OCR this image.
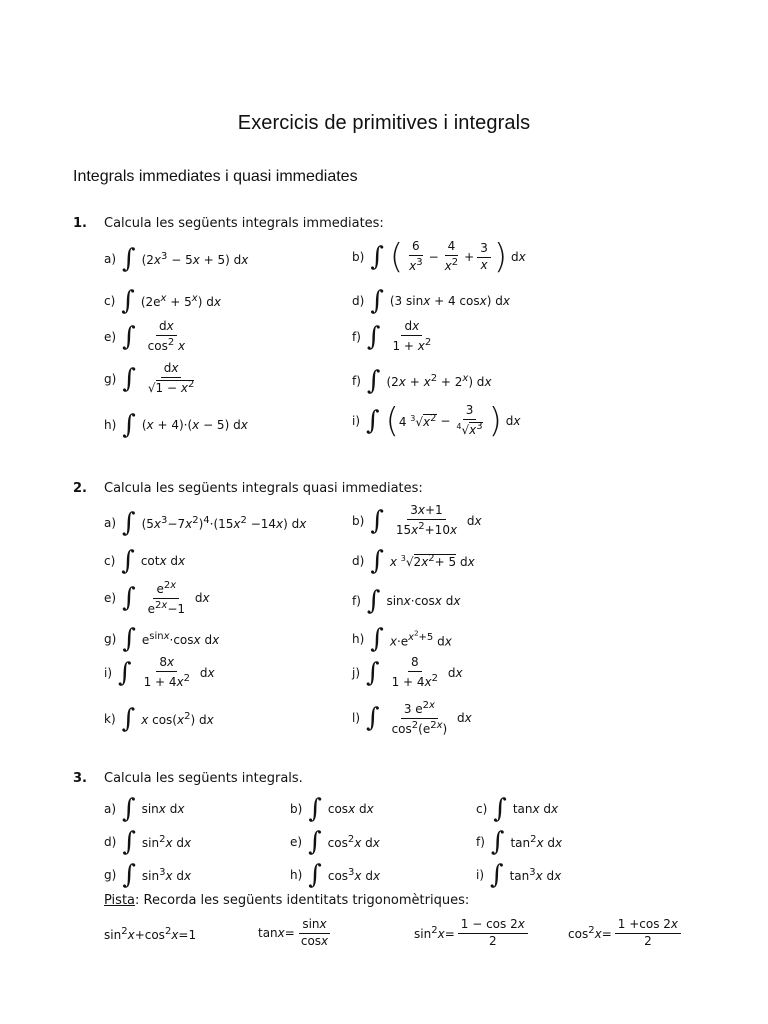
Exercicis de primitives i integrals
Integrals immediates i quasi immediates
1. Calcula les següents integrals immediates:
a) ∫ $(2x^3 - 5x + 5)$ dx	b) ∫ ( $\frac{6}{x^3} - \frac{4}{x^2} + \frac{3}{x}$ ) d x
c) ∫ $(2e^x + 5^x)$ dx	d) ∫ (3 sinx + 4 cosx) dx
e) ∫ $\frac{dx}{\cos^2 x}$	f) ∫ $\frac{dx}{1 + x^2}$
g) ∫ $\frac{dx}{√1 - x^2}$	f) ∫ $(2x + x^2 + 2^x)$ dx
h) ∫ (x + 4)·(x − 5) dx	i) ∫ ( 4 $^3√x^2 - \frac{3}{^4√x^3}$ ) d x
2. Calcula les següents integrals quasi immediates:
a) ∫ $(5x^3-7x^2)^4\cdot(15x^2 -14x)$ dx	b) ∫ $\frac{3x+1}{15x^2+10x}$ d x
c) ∫ cotx dx	d) ∫ x $^3√2x^2+ 5$ dx
e) ∫ $\frac{e^{2x}}{e^{2x}-1}$ d x	f) ∫ sinx·cosx dx
g) ∫ $e^{sinx}\cdot\cos x$ dx	h) ∫ $x\cdot e^{x^2+5}$ dx
i) ∫ $\frac{8x}{1 + 4x^2}$ d x	j) ∫ $\frac{8}{1 + 4x^2}$ d x
k) ∫ x $\cos(x^2)$ dx	l) ∫ $\frac{3 e^{2x}}{\cos^2(e^{2x})}$ d x
3. Calcula les següents integrals.
a) ∫ sinx dx	b) ∫ cosx dx	c) ∫ tanx dx
d) ∫ $\sin^2x$ dx	e) ∫ $\cos^2x$ dx	f) ∫ $\tan^2x$ dx
g) ∫ $\sin^3x$ dx	h) ∫ $\cos^3x$ dx	i) ∫ $\tan^3x$ dx
Pista: Recorda les següents identitats trigonomètriques:
$\sin^2x+\cos^2x=1$	$\tan x= \frac{\sin x}{\cos x}$	$\sin^2x= \frac{1 - \cos 2x}{2}$	$\cos^2x= \frac{1 +\cos 2x}{2}$
